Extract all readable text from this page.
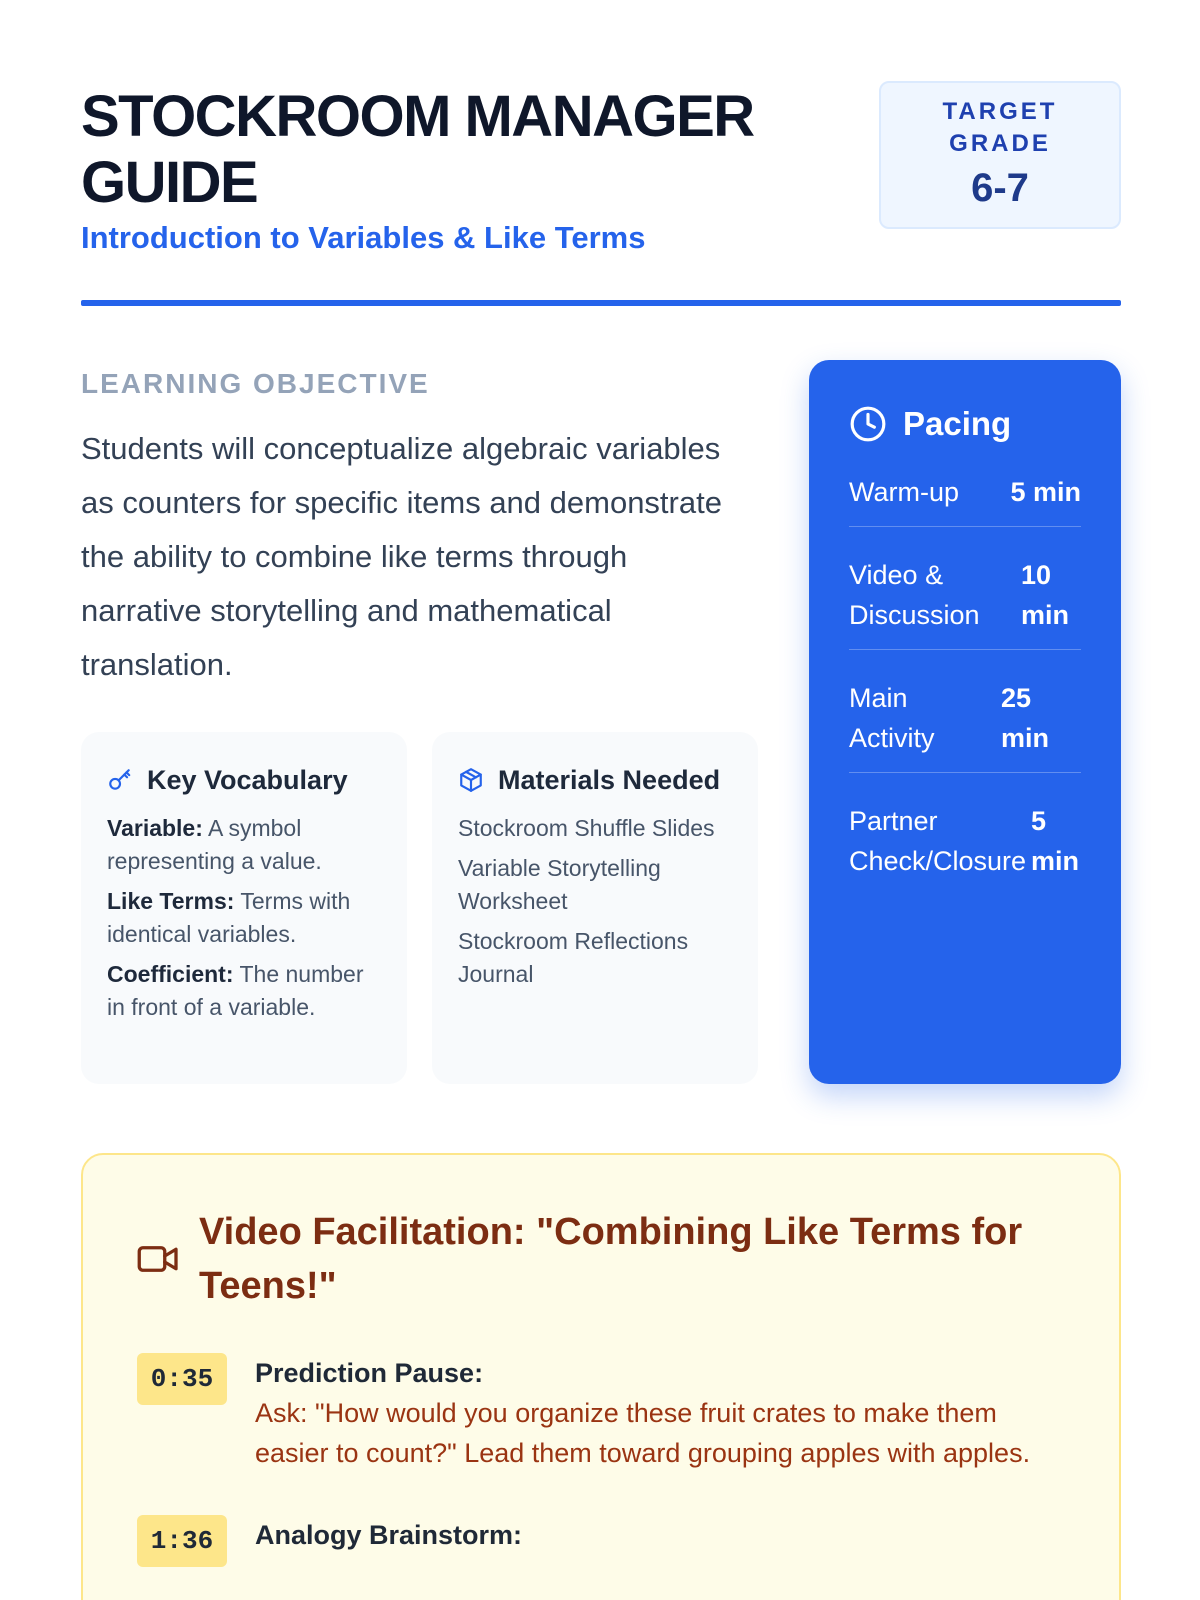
STOCKROOM MANAGER GUIDE
Introduction to Variables & Like Terms
TARGET GRADE
6-7
LEARNING OBJECTIVE

Students will conceptualize algebraic variables as counters for specific items and demonstrate the ability to combine like terms through narrative storytelling and mathematical translation.

Key Vocabulary
Variable: A symbol representing a value.
Like Terms: Terms with identical variables.
Coefficient: The number in front of a variable.
Materials Needed
Stockroom Shuffle Slides
Variable Storytelling Worksheet
Stockroom Reflections Journal
Pacing
Warm-up 5 min
Video & Discussion
10 min
Main Activity
25 min
Partner Check/Closure
5 min
Video Facilitation: "Combining Like Terms for Teens!"
0:35	Prediction Pause:
Ask: "How would you organize these fruit crates to make them easier to count?" Lead them toward grouping apples with apples.
1:36	Analogy Brainstorm:
